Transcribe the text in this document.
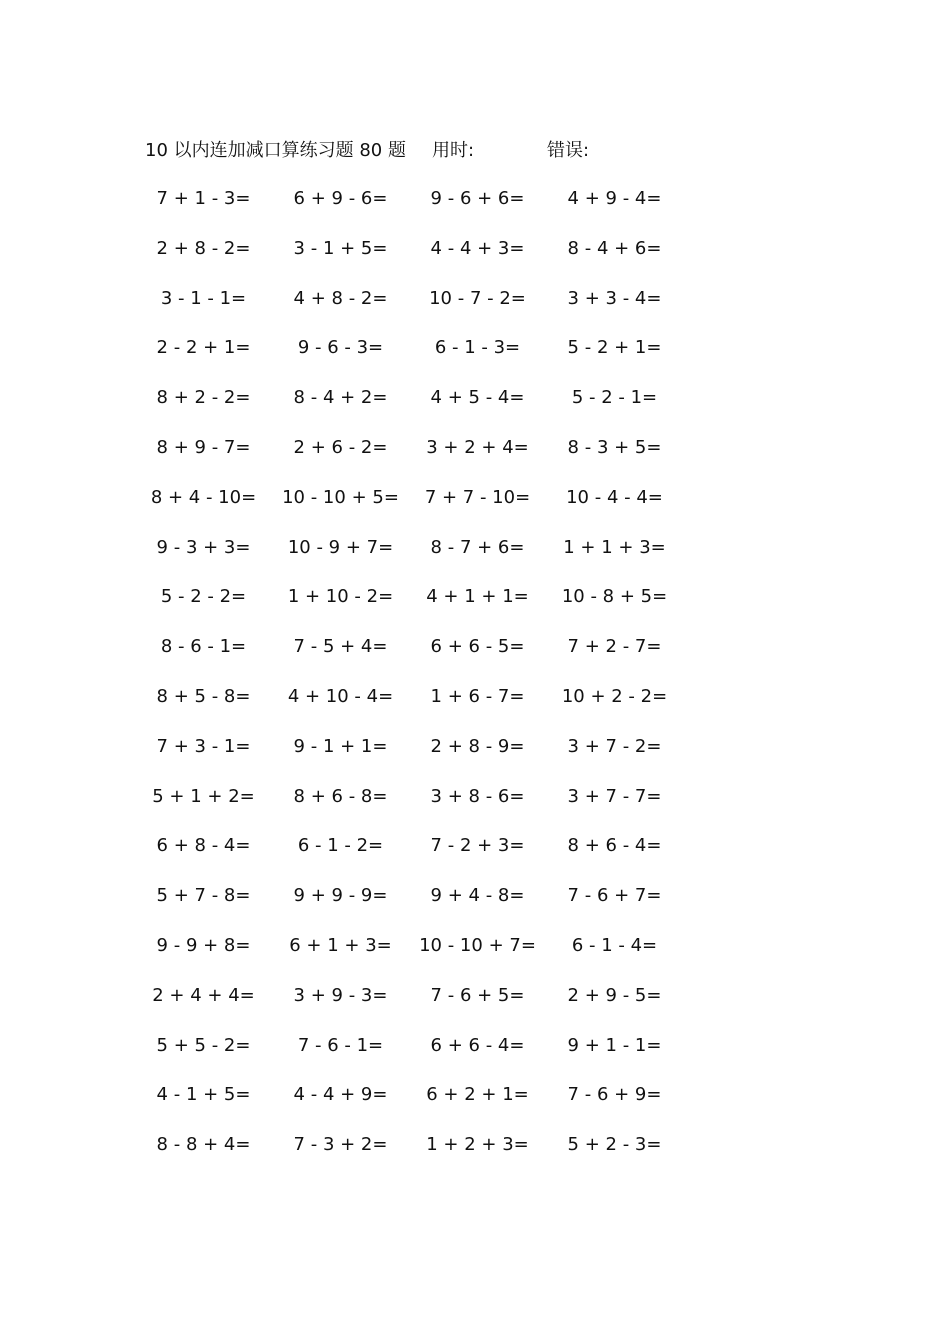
10 以内连加减口算练习题 80 题 用时:	错误:
7 + 1 - 3=	6 + 9 - 6=	9 - 6 + 6=	4 + 9 - 4=
2 + 8 - 2=	3 - 1 + 5=	4 - 4 + 3=	8 - 4 + 6=
3 - 1 - 1=	4 + 8 - 2=	10 - 7 - 2=	3 + 3 - 4=
2 - 2 + 1=	9 - 6 - 3=	6 - 1 - 3=	5 - 2 + 1=
8 + 2 - 2=	8 - 4 + 2=	4 + 5 - 4=	5 - 2 - 1=
8 + 9 - 7=	2 + 6 - 2=	3 + 2 + 4=	8 - 3 + 5=
8 + 4 - 10=	10 - 10 + 5=	7 + 7 - 10=	10 - 4 - 4=
9 - 3 + 3=	10 - 9 + 7=	8 - 7 + 6=	1 + 1 + 3=
5 - 2 - 2=	1 + 10 - 2=	4 + 1 + 1=	10 - 8 + 5=
8 - 6 - 1=	7 - 5 + 4=	6 + 6 - 5=	7 + 2 - 7=
8 + 5 - 8=	4 + 10 - 4=	1 + 6 - 7=	10 + 2 - 2=
7 + 3 - 1=	9 - 1 + 1=	2 + 8 - 9=	3 + 7 - 2=
5 + 1 + 2=	8 + 6 - 8=	3 + 8 - 6=	3 + 7 - 7=
6 + 8 - 4=	6 - 1 - 2=	7 - 2 + 3=	8 + 6 - 4=
5 + 7 - 8=	9 + 9 - 9=	9 + 4 - 8=	7 - 6 + 7=
9 - 9 + 8=	6 + 1 + 3=	10 - 10 + 7=	6 - 1 - 4=
2 + 4 + 4=	3 + 9 - 3=	7 - 6 + 5=	2 + 9 - 5=
5 + 5 - 2=	7 - 6 - 1=	6 + 6 - 4=	9 + 1 - 1=
4 - 1 + 5=	4 - 4 + 9=	6 + 2 + 1=	7 - 6 + 9=
8 - 8 + 4=	7 - 3 + 2=	1 + 2 + 3=	5 + 2 - 3=
